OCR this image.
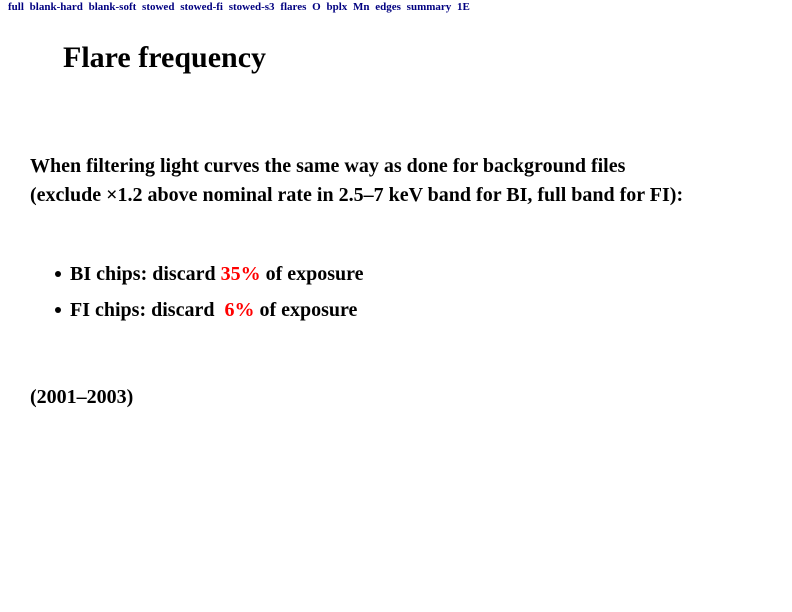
full blank-hard blank-soft stowed stowed-fi stowed-s3 flares O bplx Mn edges summary 1E
Flare frequency
When filtering light curves the same way as done for background files
(exclude ×1.2 above nominal rate in 2.5–7 keV band for BI, full band for FI):
BI chips: discard 35% of exposure
FI chips: discard  6% of exposure
(2001–2003)
